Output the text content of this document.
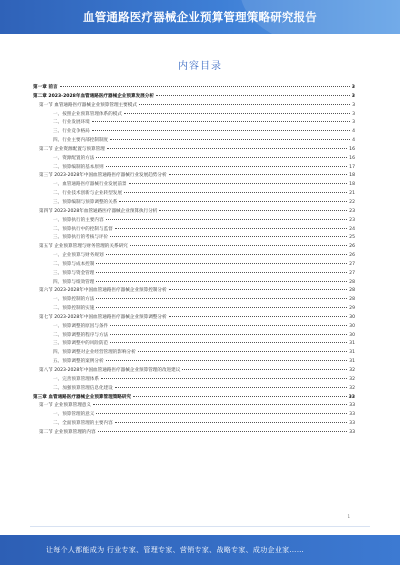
血管通路医疗器械企业预算管理策略研究报告
内容目录
第一章 前言	3
第二章 2023-2028年血管通路医疗器械企业预算发展分析	3
第一节 血管通路医疗器械企业预算管理主要模式	3
一、按照企业预算管理体系的模式	3
二、行业发展环境	3
三、行业竞争格局	4
四、行业主要内部控制制度	4
第二节 企业资源配置与预算管理	16
一、资源配置的方法	16
二、预算编制的基本原则	17
第三节 2023-2028年中国血管通路医疗器械行业发展趋势分析	18
一、血管通路医疗器械行业发展前景	18
二、行业技术创新与企业转型发展	21
三、预算编制与预算调整的关系	22
第四节 2023-2028年血管通路医疗器械企业预算执行分析	23
一、预算执行的主要内容	23
二、预算执行中的控制与监督	24
三、预算执行的考核与评价	25
第五节 企业预算管理与财务管理的关系研究	26
一、企业预算与财务规划	26
二、预算与成本控制	27
三、预算与资金管理	27
四、预算与绩效管理	28
第六节 2023-2028年中国血管通路医疗器械企业预算控制分析	28
一、预算控制的方法	28
二、预算控制的实施	29
第七节 2023-2028年中国血管通路医疗器械企业预算调整分析	30
一、预算调整的原因与条件	30
二、预算调整的程序与方法	30
三、预算调整中的风险防范	31
四、预算调整对企业经营管理的影响分析	31
五、预算调整的案例分析	31
第八节 2023-2028年中国血管通路医疗器械企业预算管理的改进建议	32
一、完善预算管理体系	32
二、加强预算管理信息化建设	32
第三章 血管通路医疗器械企业预算管理策略研究	33
第一节 企业预算管理意义	33
一、预算管理的意义	33
二、全面预算管理的主要内容	33
第二节 企业预算管理的内容	33
1
让每个人都能成为 行业专家、管理专家、营销专家、战略专家、成功企业家……
